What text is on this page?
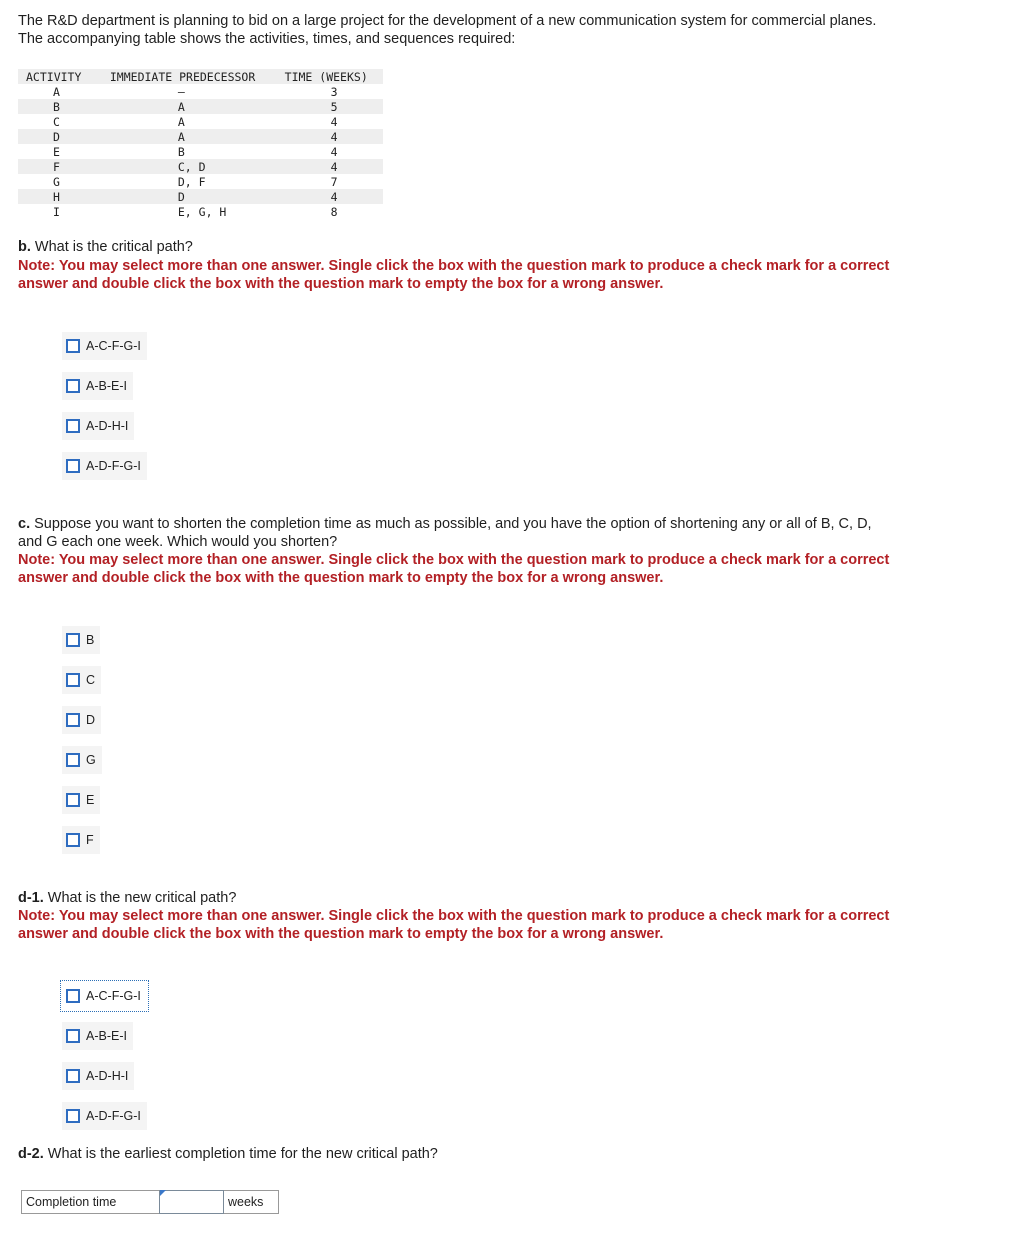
The R&D department is planning to bid on a large project for the development of a new communication system for commercial planes.

The accompanying table shows the activities, times, and sequences required:

ACTIVITY	IMMEDIATE PREDECESSOR	TIME (WEEKS)
A	—	3
B	A	5
C	A	4
D	A	4
E	B	4
F	C, D	4
G	D, F	7
H	D	4
I	E, G, H	8

b. What is the critical path?

Note: You may select more than one answer. Single click the box with the question mark to produce a check mark for a correct

answer and double click the box with the question mark to empty the box for a wrong answer.

A-C-F-G-I
A-B-E-I
A-D-H-I
A-D-F-G-I

c. Suppose you want to shorten the completion time as much as possible, and you have the option of shortening any or all of B, C, D,

and G each one week. Which would you shorten?

Note: You may select more than one answer. Single click the box with the question mark to produce a check mark for a correct

answer and double click the box with the question mark to empty the box for a wrong answer.

B
C
D
G
E
F

d-1. What is the new critical path?

Note: You may select more than one answer. Single click the box with the question mark to produce a check mark for a correct

answer and double click the box with the question mark to empty the box for a wrong answer.

A-C-F-G-I
A-B-E-I
A-D-H-I
A-D-F-G-I

d-2. What is the earliest completion time for the new critical path?

Completion time	weeks
